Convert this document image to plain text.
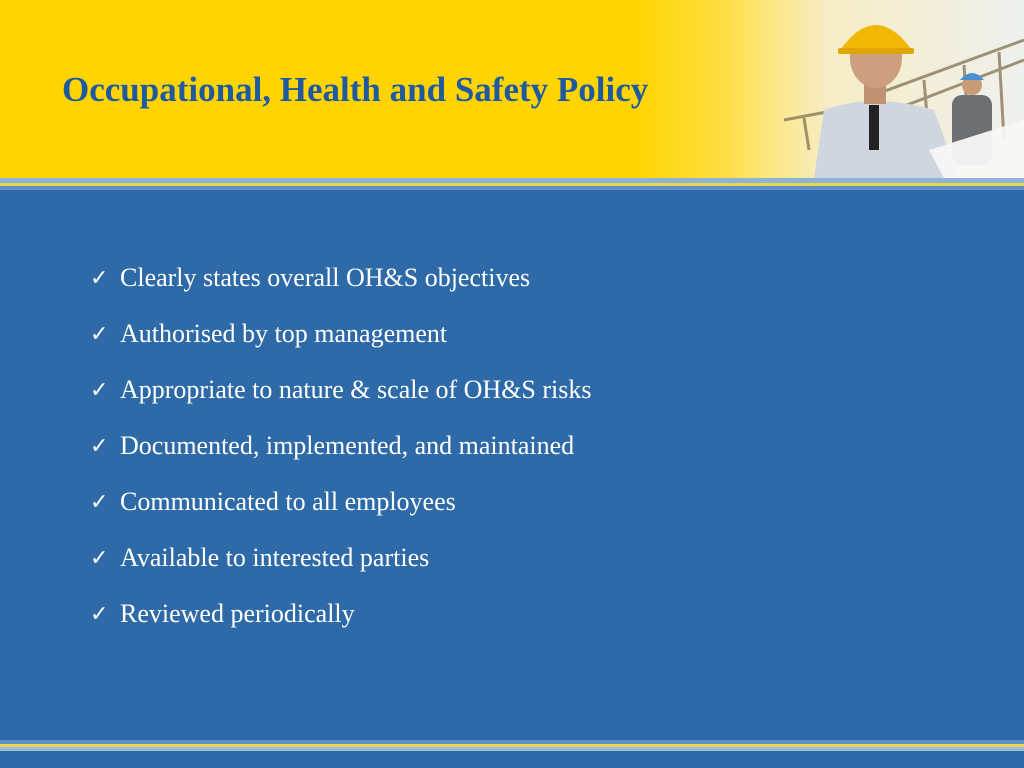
Occupational, Health and Safety Policy
✓ Clearly states overall OH&S objectives
✓ Authorised by top management
✓ Appropriate to nature & scale of OH&S risks
✓ Documented, implemented, and maintained
✓ Communicated to all employees
✓ Available to interested parties
✓ Reviewed periodically
